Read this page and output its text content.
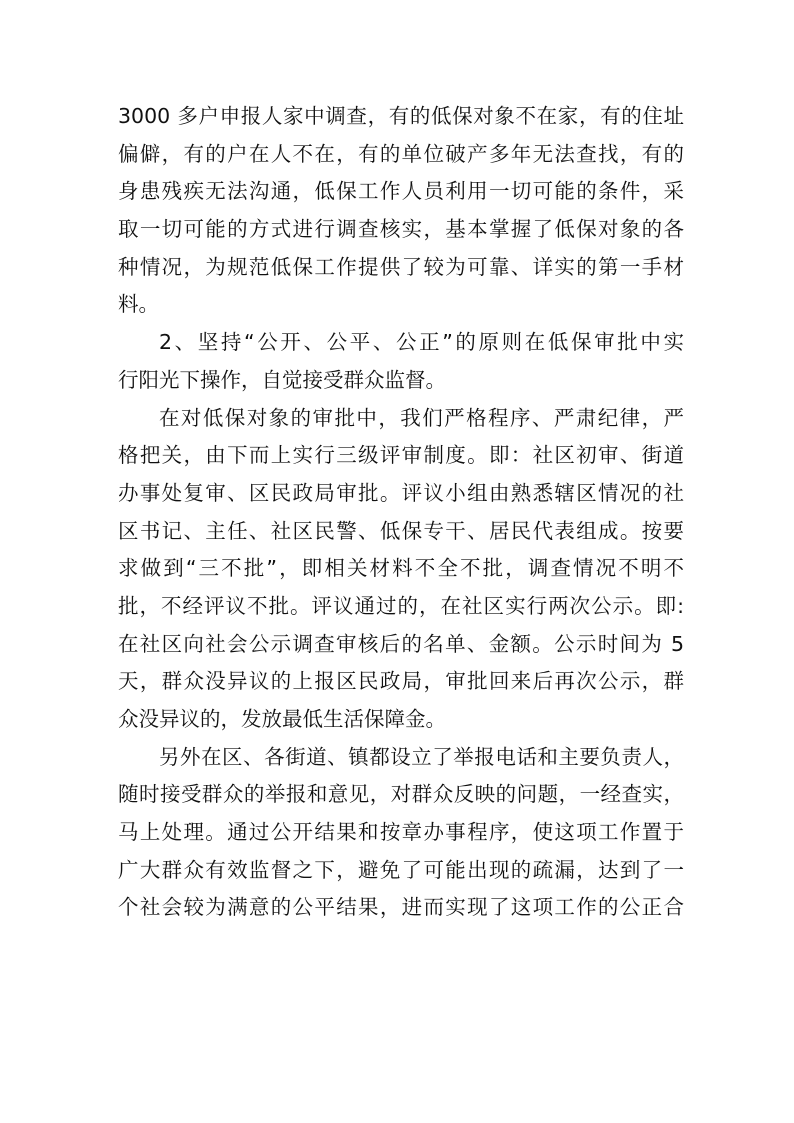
3000 多户申报人家中调查，有的低保对象不在家，有的住址
偏僻，有的户在人不在，有的单位破产多年无法查找，有的
身患残疾无法沟通，低保工作人员利用一切可能的条件，采
取一切可能的方式进行调查核实，基本掌握了低保对象的各
种情况，为规范低保工作提供了较为可靠、详实的第一手材
料。
2、坚持“公开、公平、公正”的原则在低保审批中实
行阳光下操作，自觉接受群众监督。
在对低保对象的审批中，我们严格程序、严肃纪律，严
格把关，由下而上实行三级评审制度。即：社区初审、街道
办事处复审、区民政局审批。评议小组由熟悉辖区情况的社
区书记、主任、社区民警、低保专干、居民代表组成。按要
求做到“三不批”，即相关材料不全不批，调查情况不明不
批，不经评议不批。评议通过的，在社区实行两次公示。即:
在社区向社会公示调查审核后的名单、金额。公示时间为 5
天，群众没异议的上报区民政局，审批回来后再次公示，群
众没异议的，发放最低生活保障金。
另外在区、各街道、镇都设立了举报电话和主要负责人，
随时接受群众的举报和意见，对群众反映的问题，一经查实，
马上处理。通过公开结果和按章办事程序，使这项工作置于
广大群众有效监督之下，避免了可能出现的疏漏，达到了一
个社会较为满意的公平结果，进而实现了这项工作的公正合
